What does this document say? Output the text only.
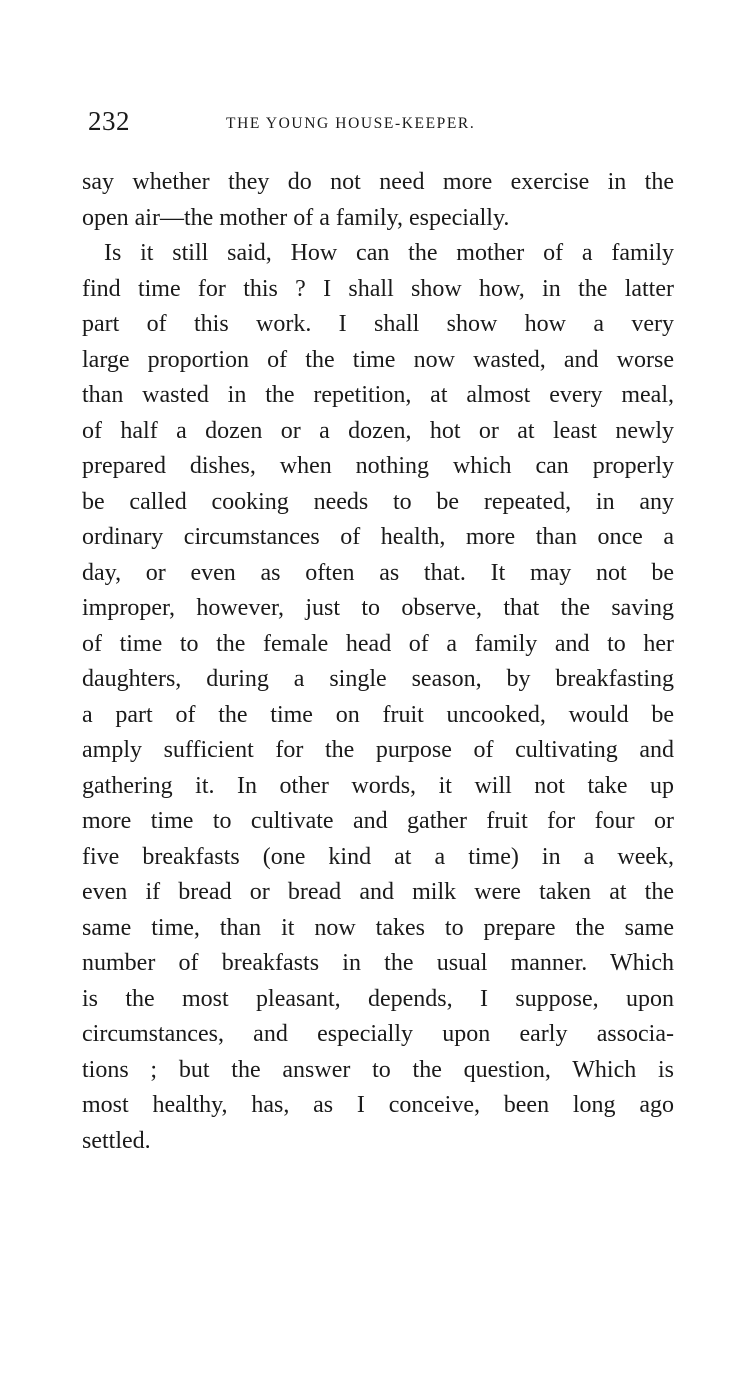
232	THE YOUNG HOUSE-KEEPER.
say whether they do not need more exercise in the
open air—the mother of a family, especially.
Is it still said, How can the mother of a family
find time for this ? I shall show how, in the latter
part of this work. I shall show how a very
large proportion of the time now wasted, and worse
than wasted in the repetition, at almost every meal,
of half a dozen or a dozen, hot or at least newly
prepared dishes, when nothing which can properly
be called cooking needs to be repeated, in any
ordinary circumstances of health, more than once a
day, or even as often as that. It may not be
improper, however, just to observe, that the saving
of time to the female head of a family and to her
daughters, during a single season, by breakfasting
a part of the time on fruit uncooked, would be
amply sufficient for the purpose of cultivating and
gathering it. In other words, it will not take up
more time to cultivate and gather fruit for four or
five breakfasts (one kind at a time) in a week,
even if bread or bread and milk were taken at the
same time, than it now takes to prepare the same
number of breakfasts in the usual manner. Which
is the most pleasant, depends, I suppose, upon
circumstances, and especially upon early associa-
tions ; but the answer to the question, Which is
most healthy, has, as I conceive, been long ago
settled.
